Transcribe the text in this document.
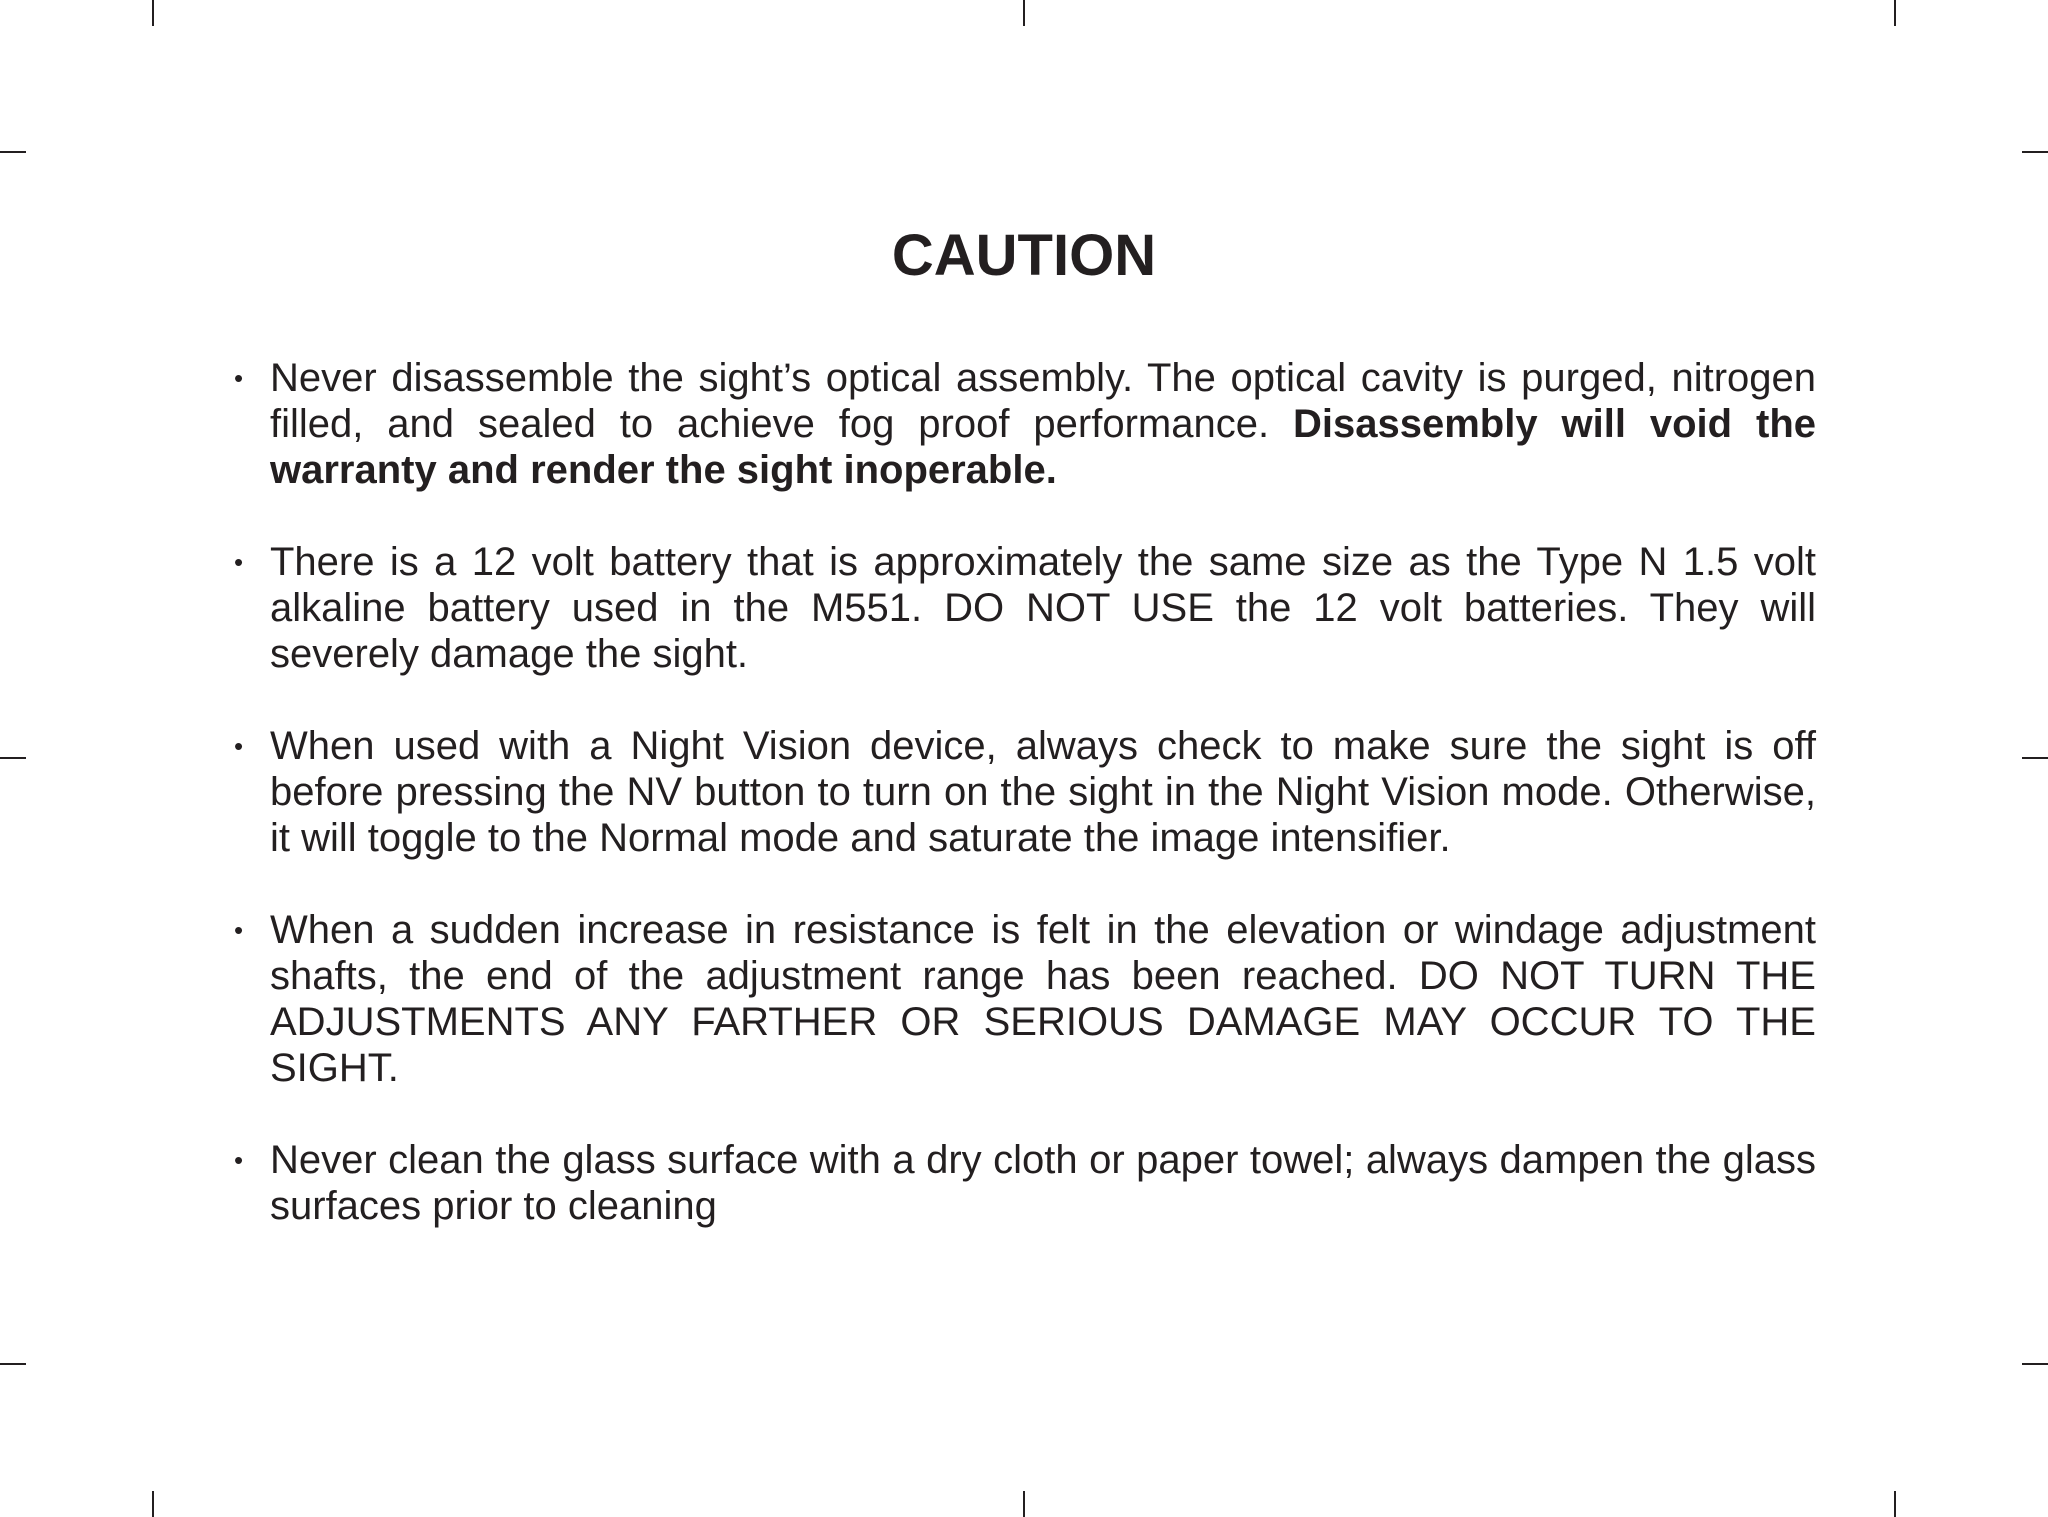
CAUTION
• Never disassemble the sight’s optical assembly. The optical cavity is purged, nitrogen filled, and sealed to achieve fog proof performance. Disassembly will void the warranty and render the sight inoperable.
• There is a 12 volt battery that is approximately the same size as the Type N 1.5 volt alkaline battery used in the M551. DO NOT USE the 12 volt batteries. They will severely damage the sight.
• When used with a Night Vision device, always check to make sure the sight is off before pressing the NV button to turn on the sight in the Night Vision mode. Otherwise, it will toggle to the Normal mode and saturate the image intensifier.
• When a sudden increase in resistance is felt in the elevation or windage adjustment shafts, the end of the adjustment range has been reached. DO NOT TURN THE ADJUSTMENTS ANY FARTHER OR SERIOUS DAMAGE MAY OCCUR TO THE SIGHT.
• Never clean the glass surface with a dry cloth or paper towel; always dampen the glass surfaces prior to cleaning
